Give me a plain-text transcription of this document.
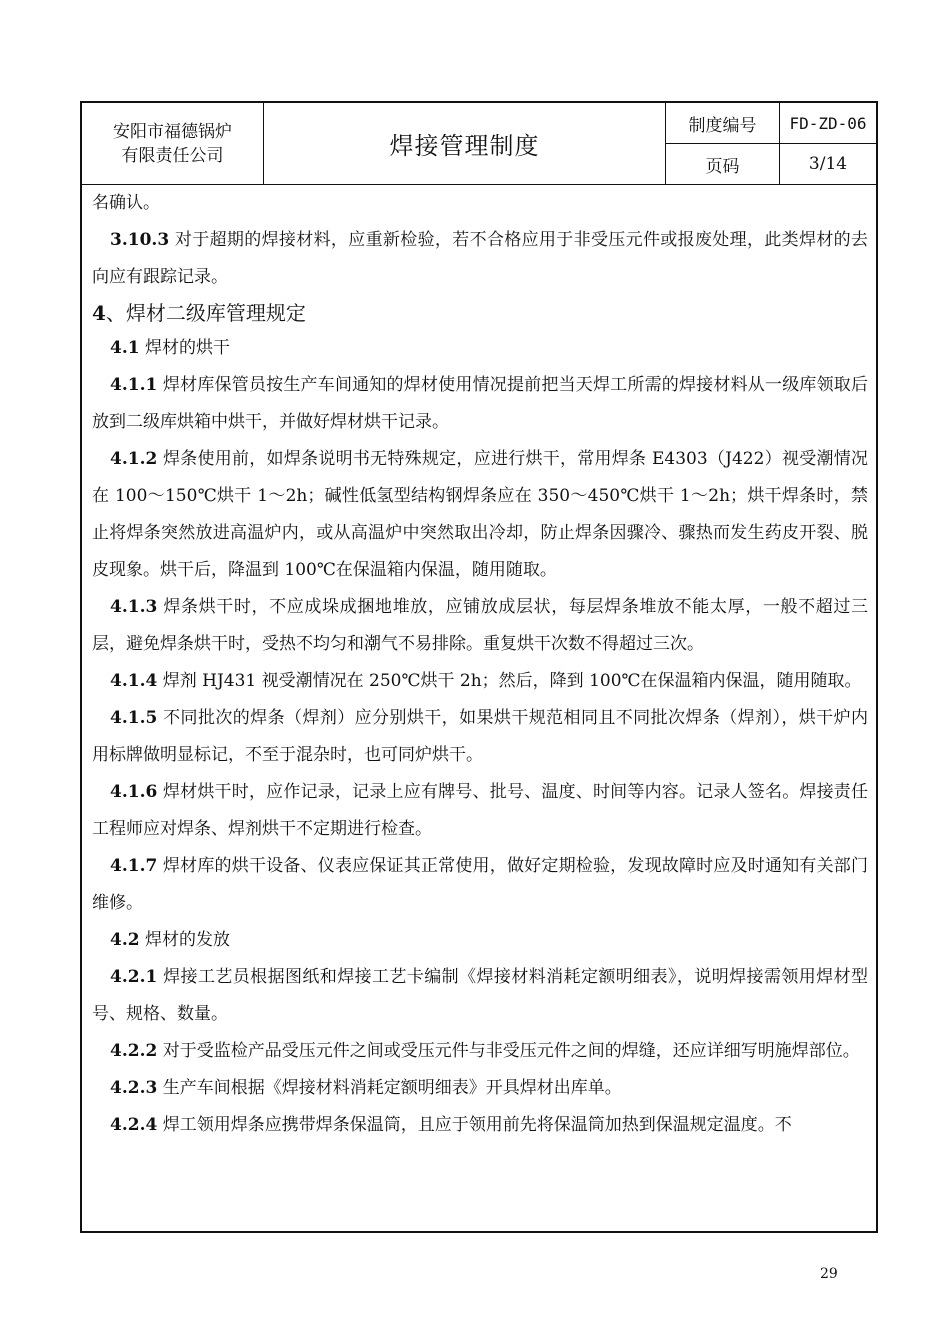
安阳市福德锅炉
有限责任公司	焊接管理制度
制度编号	FD-ZD-06
页码	3/14

名确认。

3.10.3 对于超期的焊接材料，应重新检验，若不合格应用于非受压元件或报废处理，此类焊材的去向应有跟踪记录。

4、焊材二级库管理规定

4.1 焊材的烘干

4.1.1 焊材库保管员按生产车间通知的焊材使用情况提前把当天焊工所需的焊接材料从一级库领取后放到二级库烘箱中烘干，并做好焊材烘干记录。

4.1.2 焊条使用前，如焊条说明书无特殊规定，应进行烘干，常用焊条 E4303（J422）视受潮情况在 100～150℃烘干 1～2h；碱性低氢型结构钢焊条应在 350～450℃烘干 1～2h；烘干焊条时，禁止将焊条突然放进高温炉内，或从高温炉中突然取出冷却，防止焊条因骤冷、骤热而发生药皮开裂、脱皮现象。烘干后，降温到 100℃在保温箱内保温，随用随取。

4.1.3 焊条烘干时，不应成垛成捆地堆放，应铺放成层状，每层焊条堆放不能太厚，一般不超过三层，避免焊条烘干时，受热不均匀和潮气不易排除。重复烘干次数不得超过三次。

4.1.4 焊剂 HJ431 视受潮情况在 250℃烘干 2h；然后，降到 100℃在保温箱内保温，随用随取。

4.1.5 不同批次的焊条（焊剂）应分别烘干，如果烘干规范相同且不同批次焊条（焊剂），烘干炉内用标牌做明显标记，不至于混杂时，也可同炉烘干。

4.1.6 焊材烘干时，应作记录，记录上应有牌号、批号、温度、时间等内容。记录人签名。焊接责任工程师应对焊条、焊剂烘干不定期进行检查。

4.1.7 焊材库的烘干设备、仪表应保证其正常使用，做好定期检验，发现故障时应及时通知有关部门维修。

4.2 焊材的发放

4.2.1 焊接工艺员根据图纸和焊接工艺卡编制《焊接材料消耗定额明细表》，说明焊接需领用焊材型号、规格、数量。

4.2.2 对于受监检产品受压元件之间或受压元件与非受压元件之间的焊缝，还应详细写明施焊部位。

4.2.3 生产车间根据《焊接材料消耗定额明细表》开具焊材出库单。

4.2.4 焊工领用焊条应携带焊条保温筒，且应于领用前先将保温筒加热到保温规定温度。不

29
